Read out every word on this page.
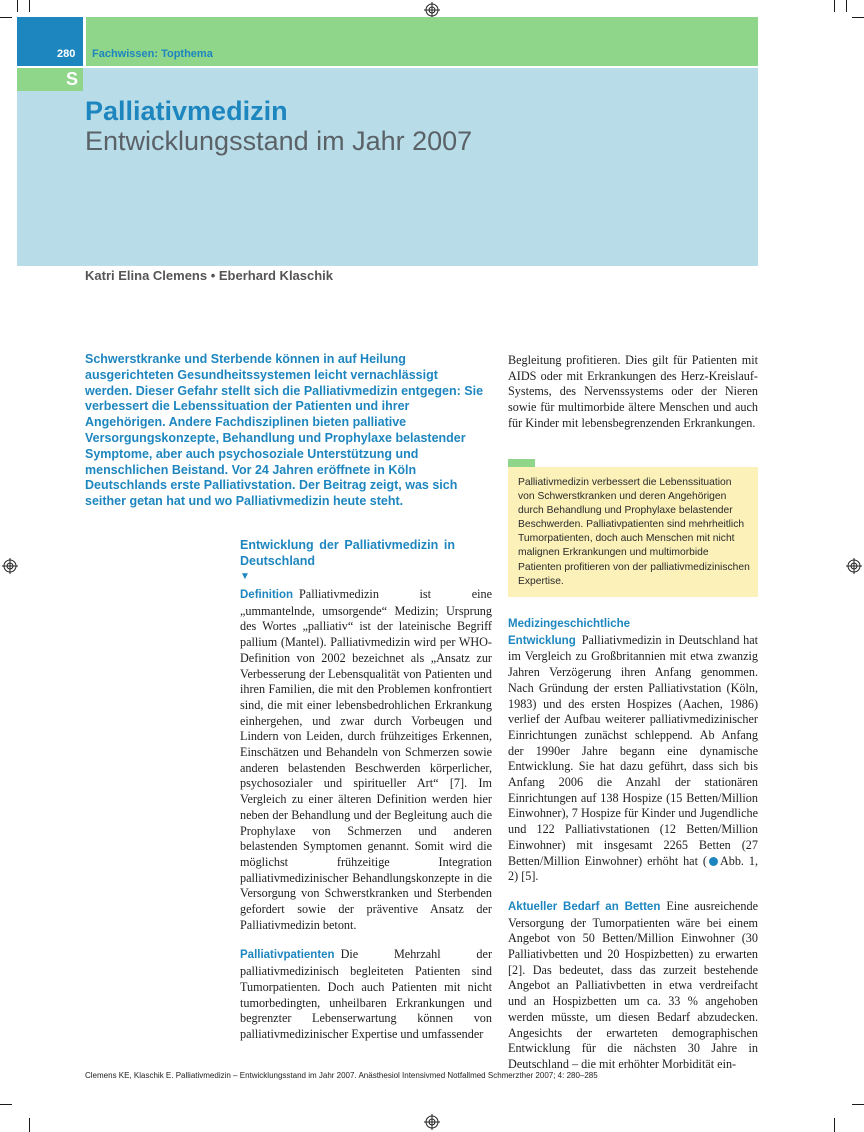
280 Fachwissen: Topthema
S
Palliativmedizin
Entwicklungsstand im Jahr 2007
Katri Elina Clemens • Eberhard Klaschik

Schwerstkranke und Sterbende können in auf Heilung ausgerichteten Gesundheitssystemen leicht vernachlässigt werden. Dieser Gefahr stellt sich die Palliativmedizin entgegen: Sie verbessert die Lebenssituation der Patienten und ihrer Angehörigen. Andere Fachdisziplinen bieten palliative Versorgungskonzepte, Behandlung und Prophylaxe belastender Symptome, aber auch psychosoziale Unterstützung und menschlichen Beistand. Vor 24 Jahren eröffnete in Köln Deutschlands erste Palliativstation. Der Beitrag zeigt, was sich seither getan hat und wo Palliativmedizin heute steht.

Entwicklung der Palliativmedizin in Deutschland
▼

Definition Palliativmedizin ist eine „ummantelnde, umsorgende“ Medizin; Ursprung des Wortes „palliativ“ ist der lateinische Begriff pallium (Mantel). Palliativmedizin wird per WHO-Definition von 2002 bezeichnet als „Ansatz zur Verbesserung der Lebensqualität von Patienten und ihren Familien, die mit den Problemen konfrontiert sind, die mit einer lebensbedrohlichen Erkrankung einhergehen, und zwar durch Vorbeugen und Lindern von Leiden, durch frühzeitiges Erkennen, Einschätzen und Behandeln von Schmerzen sowie anderen belastenden Beschwerden körperlicher, psychosozialer und spiritueller Art“ [7]. Im Vergleich zu einer älteren Definition werden hier neben der Behandlung und der Begleitung auch die Prophylaxe von Schmerzen und anderen belastenden Symptomen genannt. Somit wird die möglichst frühzeitige Integration palliativmedizinischer Behandlungskonzepte in die Versorgung von Schwerstkranken und Sterbenden gefordert sowie der präventive Ansatz der Palliativmedizin betont.

Palliativpatienten Die Mehrzahl der palliativmedizinisch begleiteten Patienten sind Tumorpatienten. Doch auch Patienten mit nicht tumorbedingten, unheilbaren Erkrankungen und begrenzter Lebenserwartung können von palliativmedizinischer Expertise und umfassender

Begleitung profitieren. Dies gilt für Patienten mit AIDS oder mit Erkrankungen des Herz-Kreislauf-Systems, des Nervenssystems oder der Nieren sowie für multimorbide ältere Menschen und auch für Kinder mit lebensbegrenzenden Erkrankungen.

Palliativmedizin verbessert die Lebenssituation von Schwerstkranken und deren Angehörigen durch Behandlung und Prophylaxe belastender Beschwerden. Palliativpatienten sind mehrheitlich Tumorpatienten, doch auch Menschen mit nicht malignen Erkrankungen und multimorbide Patienten profitieren von der palliativmedizinischen Expertise.

Medizingeschichtliche Entwicklung Palliativmedizin in Deutschland hat im Vergleich zu Großbritannien mit etwa zwanzig Jahren Verzögerung ihren Anfang genommen. Nach Gründung der ersten Palliativstation (Köln, 1983) und des ersten Hospizes (Aachen, 1986) verlief der Aufbau weiterer palliativmedizinischer Einrichtungen zunächst schleppend. Ab Anfang der 1990er Jahre begann eine dynamische Entwicklung. Sie hat dazu geführt, dass sich bis Anfang 2006 die Anzahl der stationären Einrichtungen auf 138 Hospize (15 Betten/Million Einwohner), 7 Hospize für Kinder und Jugendliche und 122 Palliativstationen (12 Betten/Million Einwohner) mit insgesamt 2265 Betten (27 Betten/Million Einwohner) erhöht hat ( Abb. 1, 2) [5].

Aktueller Bedarf an Betten Eine ausreichende Versorgung der Tumorpatienten wäre bei einem Angebot von 50 Betten/Million Einwohner (30 Palliativbetten und 20 Hospizbetten) zu erwarten [2]. Das bedeutet, dass das zurzeit bestehende Angebot an Palliativbetten in etwa verdreifacht und an Hospizbetten um ca. 33 % angehoben werden müsste, um diesen Bedarf abzudecken. Angesichts der erwarteten demographischen Entwicklung für die nächsten 30 Jahre in Deutschland – die mit erhöhter Morbidität ein-

Clemens KE, Klaschik E. Palliativmedizin – Entwicklungsstand im Jahr 2007. Anästhesiol Intensivmed Notfallmed Schmerzther 2007; 4: 280–285
